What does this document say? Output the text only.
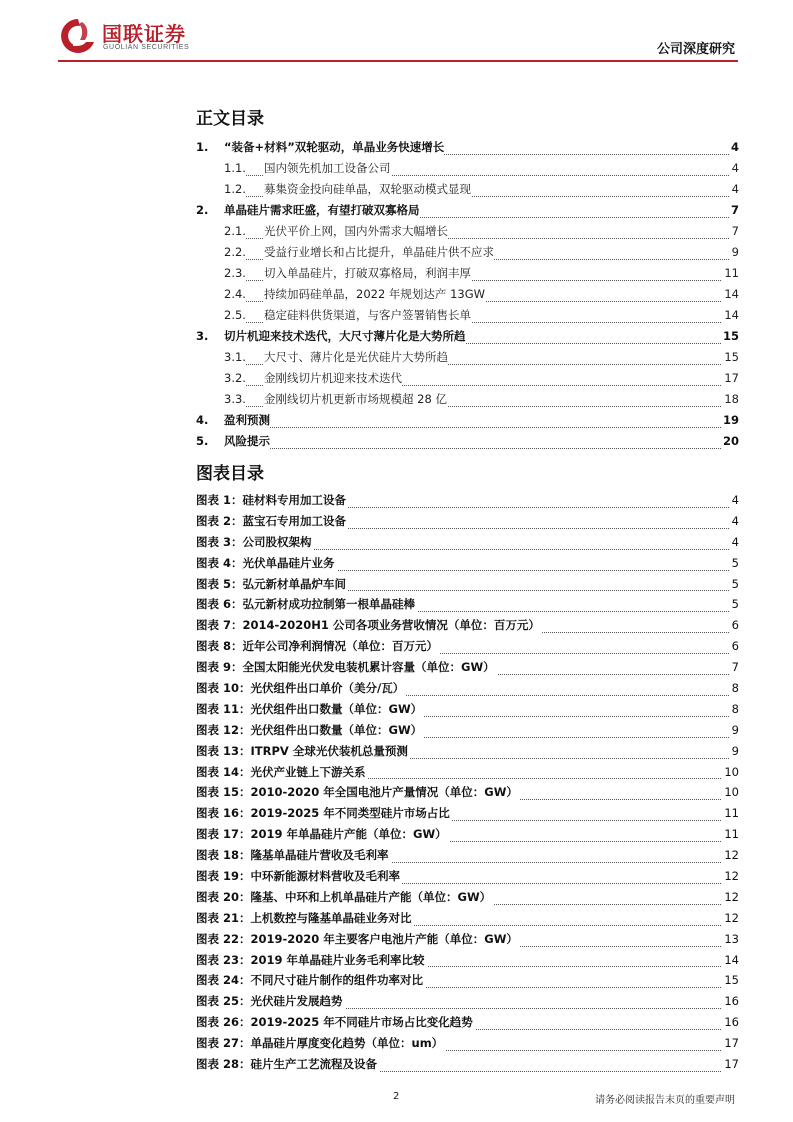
国联证券
GUOLIAN SECURITIES	公司深度研究
正文目录
1. “装备+材料”双轮驱动，单晶业务快速增长	4
1.1. 国内领先机加工设备公司	4
1.2. 募集资金投向硅单晶，双轮驱动模式显现	4
2. 单晶硅片需求旺盛，有望打破双寡格局	7
2.1. 光伏平价上网，国内外需求大幅增长	7
2.2. 受益行业增长和占比提升，单晶硅片供不应求	9
2.3. 切入单晶硅片，打破双寡格局，利润丰厚	11
2.4. 持续加码硅单晶，2022 年规划达产 13GW	14
2.5. 稳定硅料供货渠道，与客户签署销售长单	14
3. 切片机迎来技术迭代，大尺寸薄片化是大势所趋	15
3.1. 大尺寸、薄片化是光伏硅片大势所趋	15
3.2. 金刚线切片机迎来技术迭代	17
3.3. 金刚线切片机更新市场规模超 28 亿	18
4. 盈利预测	19
5. 风险提示	20
图表目录
图表 1：硅材料专用加工设备	4
图表 2：蓝宝石专用加工设备	4
图表 3：公司股权架构	4
图表 4：光伏单晶硅片业务	5
图表 5：弘元新材单晶炉车间	5
图表 6：弘元新材成功拉制第一根单晶硅棒	5
图表 7：2014-2020H1 公司各项业务营收情况（单位：百万元）	6
图表 8：近年公司净利润情况（单位：百万元）	6
图表 9：全国太阳能光伏发电装机累计容量（单位：GW）	7
图表 10：光伏组件出口单价（美分/瓦）	8
图表 11：光伏组件出口数量（单位：GW）	8
图表 12：光伏组件出口数量（单位：GW）	9
图表 13：ITRPV 全球光伏装机总量预测	9
图表 14：光伏产业链上下游关系	10
图表 15：2010-2020 年全国电池片产量情况（单位：GW）	10
图表 16：2019-2025 年不同类型硅片市场占比	11
图表 17：2019 年单晶硅片产能（单位：GW）	11
图表 18：隆基单晶硅片营收及毛利率	12
图表 19：中环新能源材料营收及毛利率	12
图表 20：隆基、中环和上机单晶硅片产能（单位：GW）	12
图表 21：上机数控与隆基单晶硅业务对比	12
图表 22：2019-2020 年主要客户电池片产能（单位：GW）	13
图表 23：2019 年单晶硅片业务毛利率比较	14
图表 24：不同尺寸硅片制作的组件功率对比	15
图表 25：光伏硅片发展趋势	16
图表 26：2019-2025 年不同硅片市场占比变化趋势	16
图表 27：单晶硅片厚度变化趋势（单位：um）	17
图表 28：硅片生产工艺流程及设备	17
2	请务必阅读报告末页的重要声明
